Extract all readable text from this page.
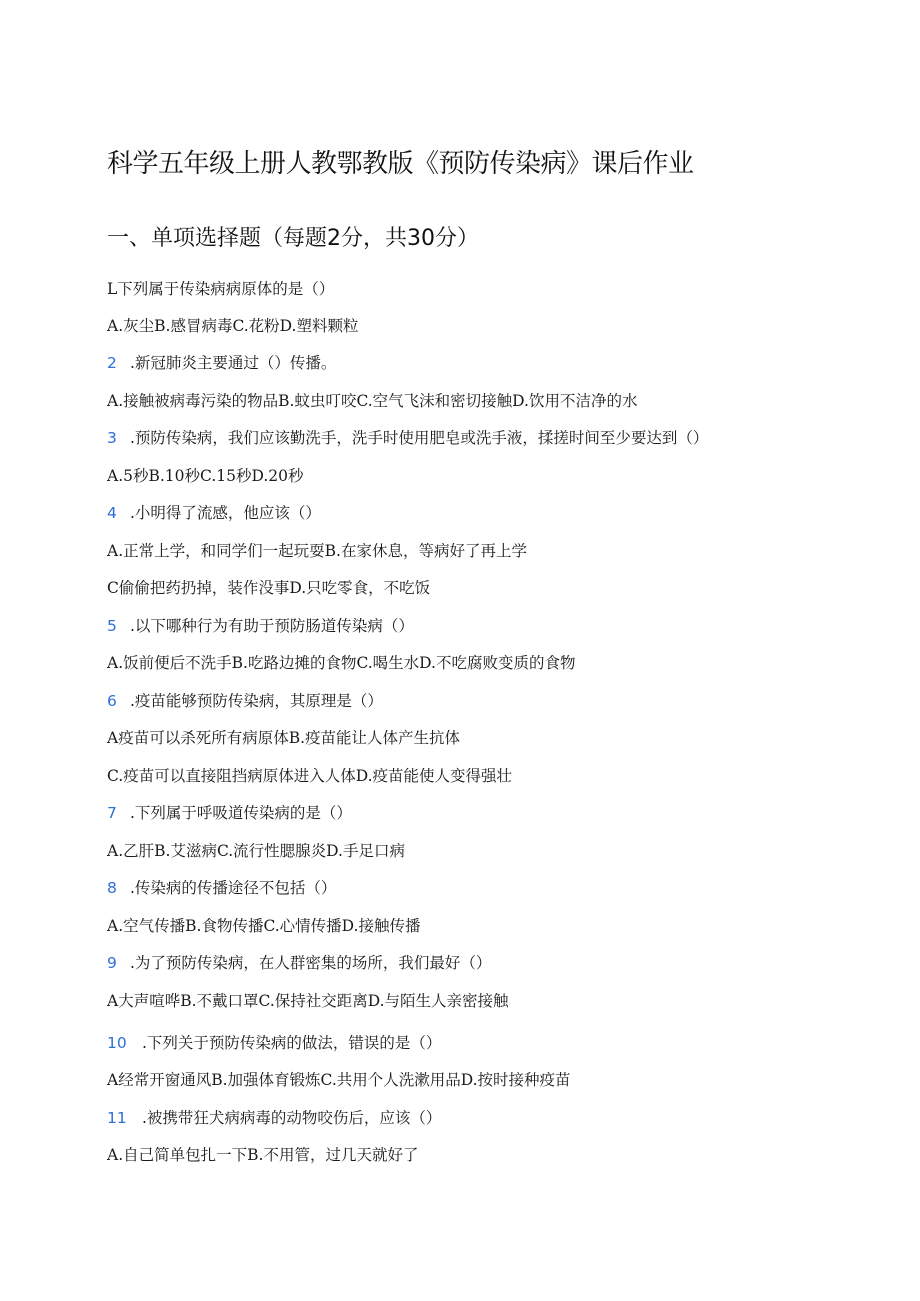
科学五年级上册人教鄂教版《预防传染病》课后作业
一、单项选择题（每题2分，共30分）
L下列属于传染病病原体的是（）
A.灰尘B.感冒病毒C.花粉D.塑料颗粒
2 .新冠肺炎主要通过（）传播。
A.接触被病毒污染的物品B.蚊虫叮咬C.空气飞沫和密切接触D.饮用不洁净的水
3 .预防传染病，我们应该勤洗手，洗手时使用肥皂或洗手液，揉搓时间至少要达到（）
A.5秒B.10秒C.15秒D.20秒
4 .小明得了流感，他应该（）
A.正常上学，和同学们一起玩耍B.在家休息，等病好了再上学
C偷偷把药扔掉，装作没事D.只吃零食，不吃饭
5 .以下哪种行为有助于预防肠道传染病（）
A.饭前便后不洗手B.吃路边摊的食物C.喝生水D.不吃腐败变质的食物
6 .疫苗能够预防传染病，其原理是（）
A疫苗可以杀死所有病原体B.疫苗能让人体产生抗体
C.疫苗可以直接阻挡病原体进入人体D.疫苗能使人变得强壮
7 .下列属于呼吸道传染病的是（）
A.乙肝B.艾滋病C.流行性腮腺炎D.手足口病
8 .传染病的传播途径不包括（）
A.空气传播B.食物传播C.心情传播D.接触传播
9 .为了预防传染病，在人群密集的场所，我们最好（）
A大声喧哗B.不戴口罩C.保持社交距离D.与陌生人亲密接触
10 .下列关于预防传染病的做法，错误的是（）
A经常开窗通风B.加强体育锻炼C.共用个人洗漱用品D.按时接种疫苗
11 .被携带狂犬病病毒的动物咬伤后，应该（）
A.自己简单包扎一下B.不用管，过几天就好了
